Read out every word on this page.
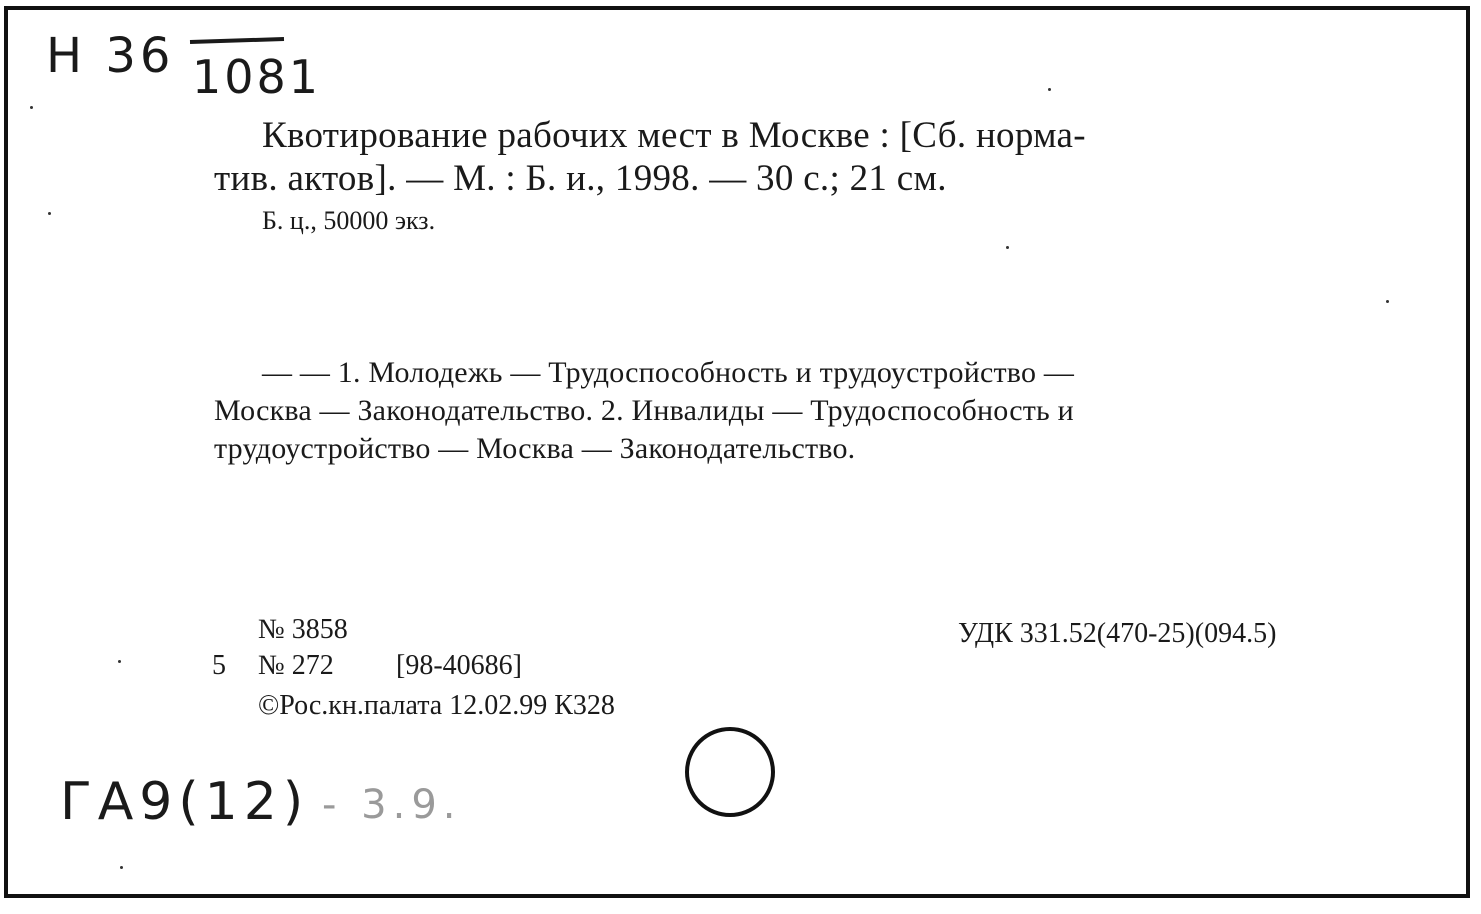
Н 36 1081
Квотирование рабочих мест в Москве : [Сб. норма-
тив. актов]. — М. : Б. и., 1998. — 30 с.; 21 см.
Б. ц., 50000 экз.
— — 1. Молодежь — Трудоспособность и трудоустройство —
Москва — Законодательство. 2. Инвалиды — Трудоспособность и
трудоустройство — Москва — Законодательство.
№ 3858	УДК 331.52(470-25)(094.5)
5 № 272 [98-40686]
©Рос.кн.палата 12.02.99 К328
ГА9(12) - 3.9.
